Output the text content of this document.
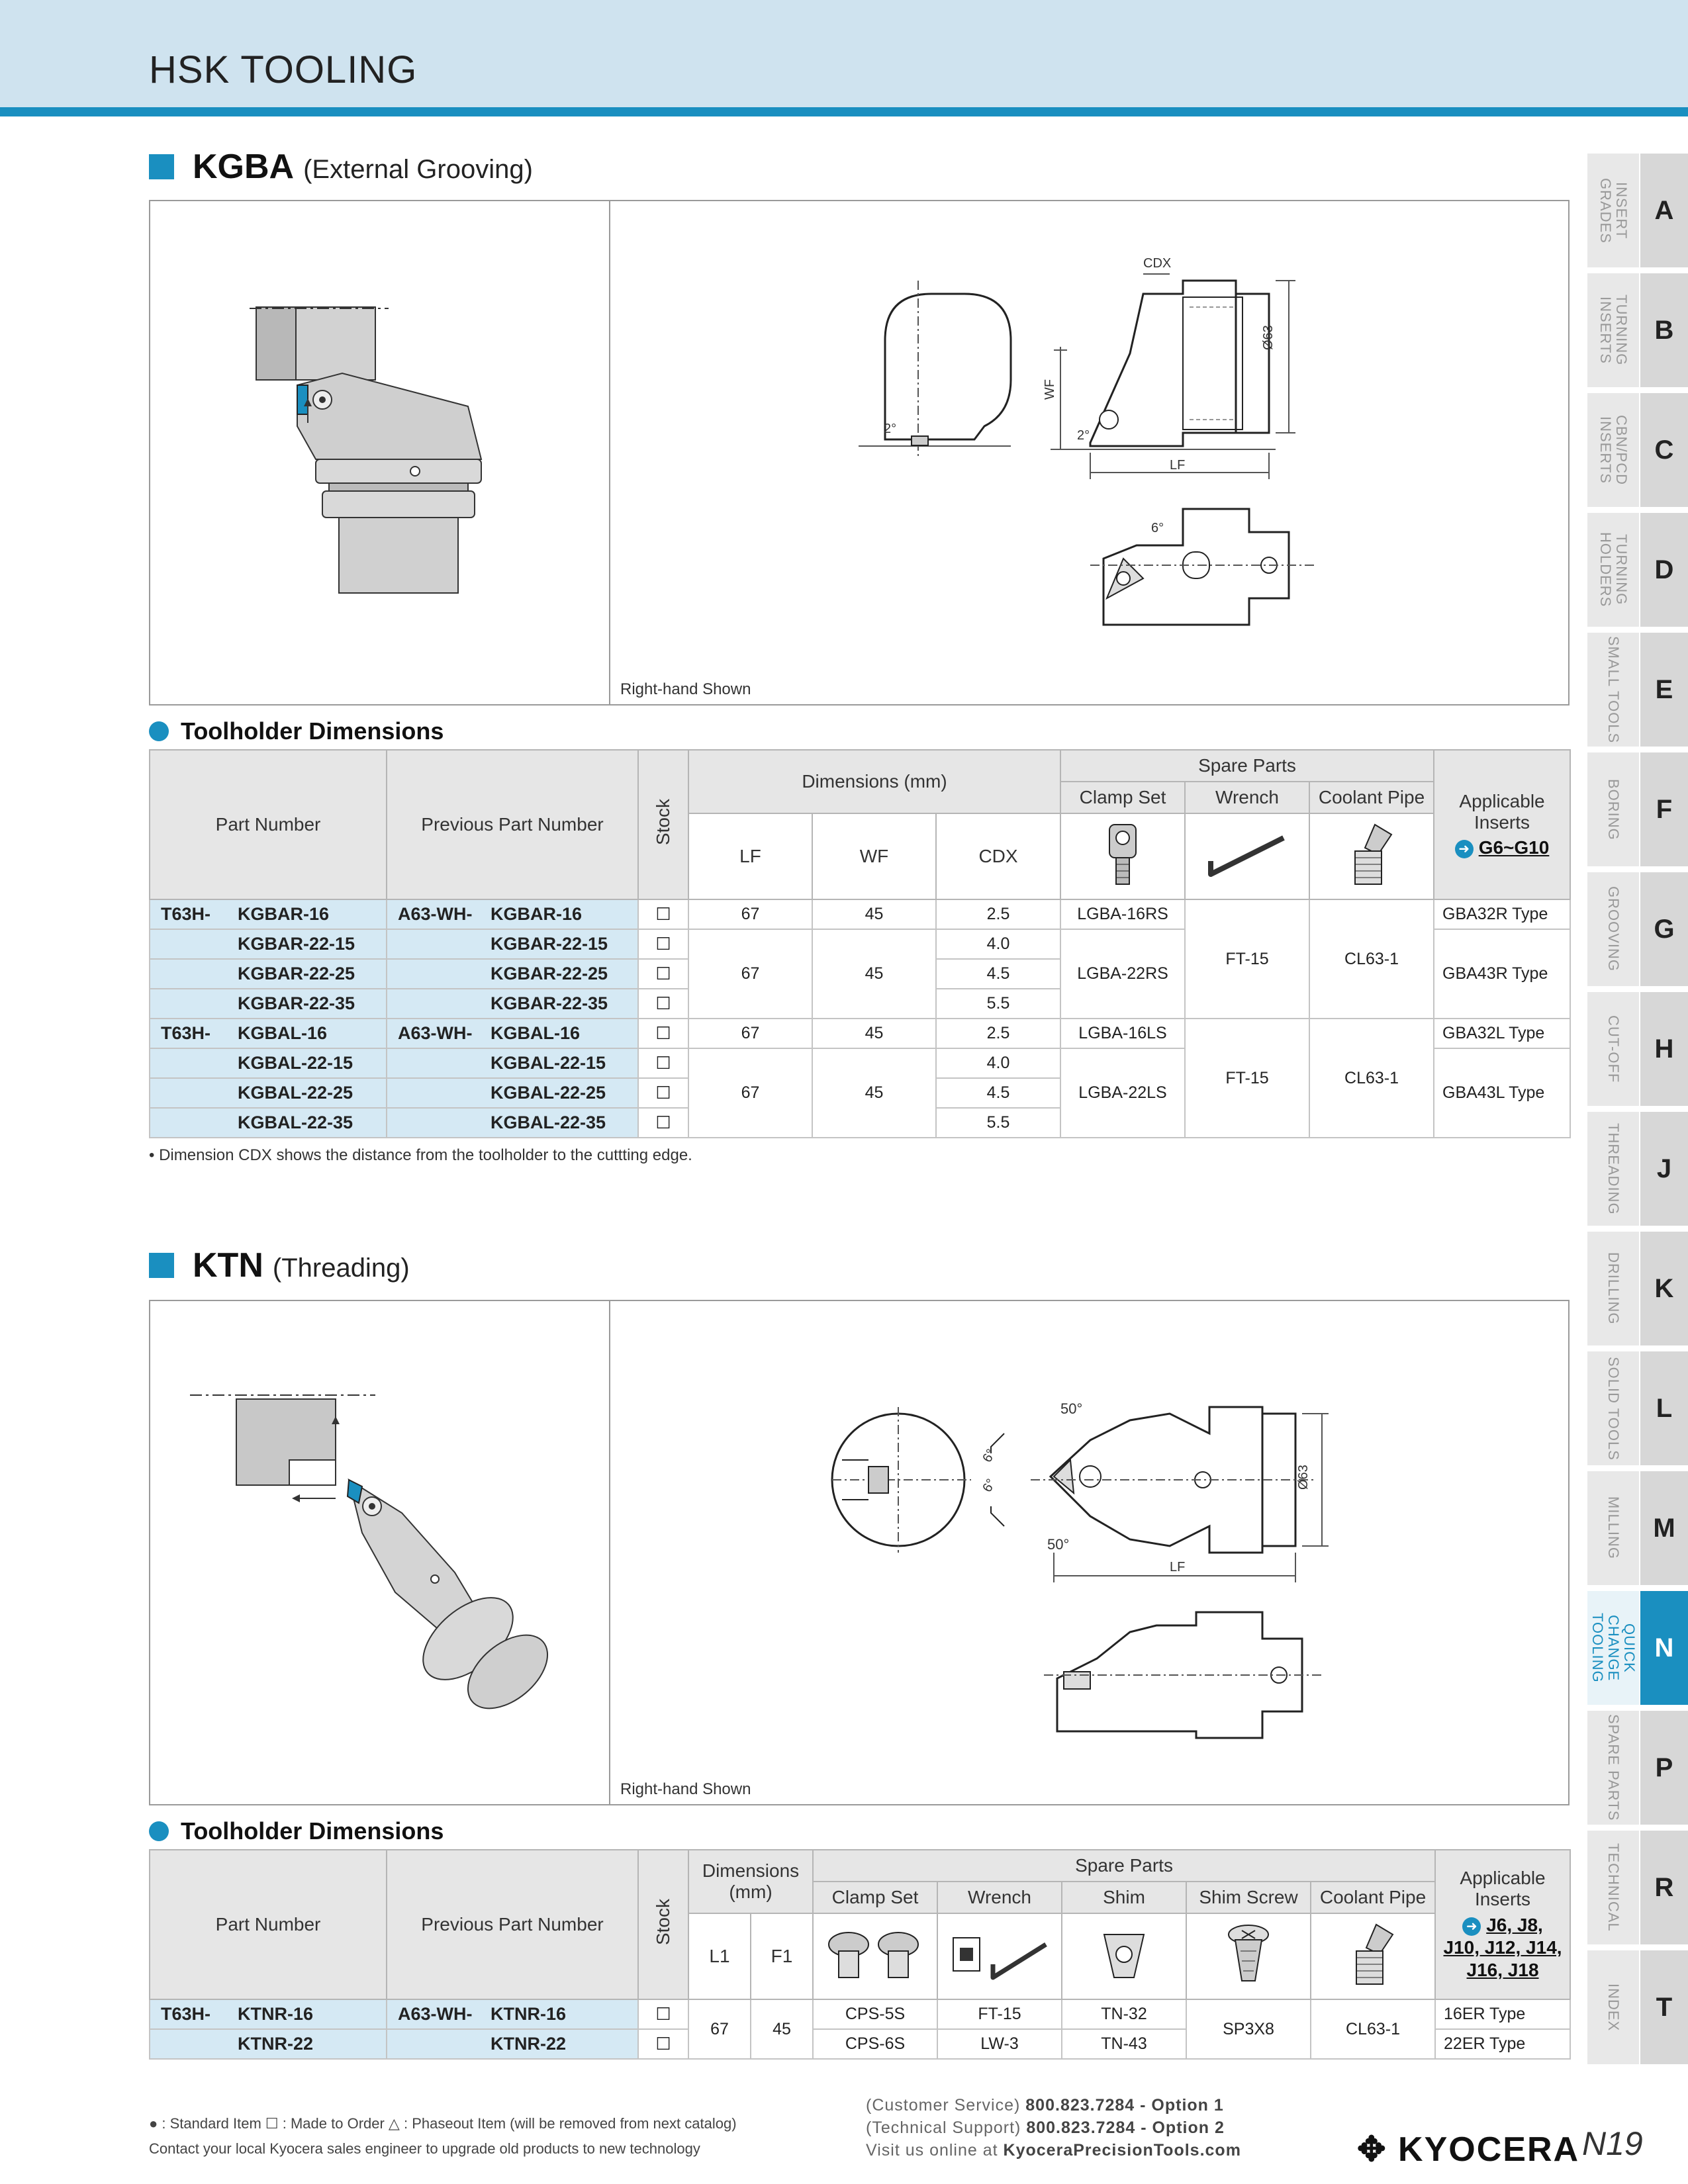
HSK TOOLING
KGBA (External Grooving)
2°
WF
2°
CDX
Ø63
LF
6°
Right-hand Shown
Toolholder Dimensions
Part Number	Previous Part Number	Stock	Dimensions (mm)			Spare Parts			Applicable Inserts
➜ G6~G10

						Clamp Set	Wrench	Coolant Pipe	
			LF	WF	CDX			
T63H- KGBAR-16	A63-WH- KGBAR-16	☐	67	45	2.5	LGBA-16RS	FT-15	CL63-1	GBA32R Type
KGBAR-22-15	KGBAR-22-15	☐	67	45	4.0	LGBA-22RS			GBA43R Type
KGBAR-22-25	KGBAR-22-25	☐			4.5				
KGBAR-22-35	KGBAR-22-35	☐			5.5				
T63H- KGBAL-16	A63-WH- KGBAL-16	☐	67	45	2.5	LGBA-16LS	FT-15	CL63-1	GBA32L Type
KGBAL-22-15	KGBAL-22-15	☐	67	45	4.0	LGBA-22LS			GBA43L Type
KGBAL-22-25	KGBAL-22-25	☐			4.5				
KGBAL-22-35	KGBAL-22-35	☐			5.5				
• Dimension CDX shows the distance from the toolholder to the cuttting edge.
KTN (Threading)
6°
6°
50°
50°
Ø63
LF
Right-hand Shown
Toolholder Dimensions
Part Number	Previous Part Number	Stock	Dimensions (mm)		Spare Parts					Applicable Inserts
➜ J6, J8, J10, J12, J14, J16, J18

					Clamp Set	Wrench	Shim	Shim Screw	Coolant Pipe	
			L1	F1					
T63H- KTNR-16	A63-WH- KTNR-16	☐	67	45	CPS-5S	FT-15	TN-32	SP3X8	CL63-1	16ER Type
KTNR-22	KTNR-22	☐			CPS-6S	LW-3	TN-43			22ER Type
INSERT GRADES	A
TURNING INSERTS	B
CBN/PCD INSERTS	C
TURNING HOLDERS	D
SMALL TOOLS	E
BORING	F
GROOVING	G
CUT-OFF	H
THREADING	J
DRILLING	K
SOLID TOOLS	L
MILLING	M
QUICK CHANGE TOOLING	N
SPARE PARTS	P
TECHNICAL	R
INDEX	T
● : Standard Item ☐ : Made to Order △ : Phaseout Item (will be removed from next catalog)
Contact your local Kyocera sales engineer to upgrade old products to new technology
(Customer Service) 800.823.7284 - Option 1
(Technical Support) 800.823.7284 - Option 2
Visit us online at KyoceraPrecisionTools.com	✥ KYOCERA N19
